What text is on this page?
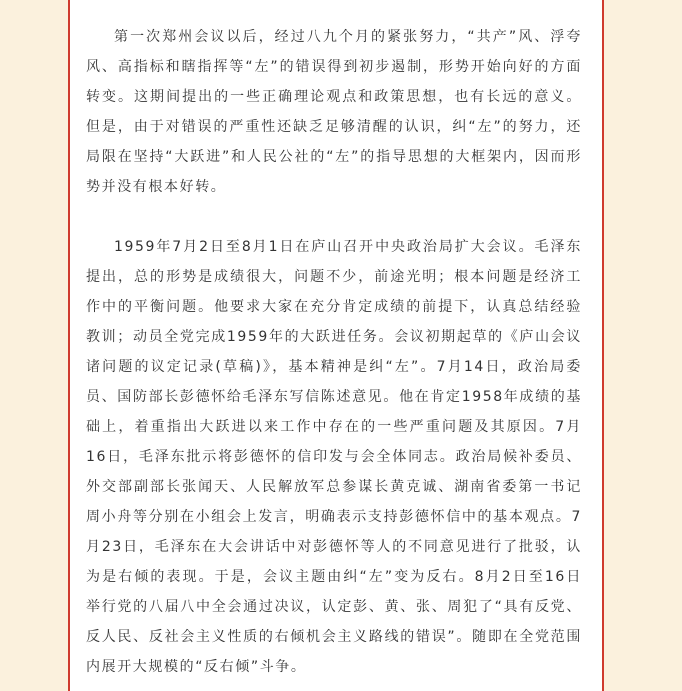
第一次郑州会议以后，经过八九个月的紧张努力，“共产”风、浮夸风、高指标和瞎指挥等“左”的错误得到初步遏制，形势开始向好的方面转变。这期间提出的一些正确理论观点和政策思想，也有长远的意义。但是，由于对错误的严重性还缺乏足够清醒的认识，纠“左”的努力，还局限在坚持“大跃进”和人民公社的“左”的指导思想的大框架内，因而形势并没有根本好转。

1959年7月2日至8月1日在庐山召开中央政治局扩大会议。毛泽东提出，总的形势是成绩很大，问题不少，前途光明；根本问题是经济工作中的平衡问题。他要求大家在充分肯定成绩的前提下，认真总结经验教训；动员全党完成1959年的大跃进任务。会议初期起草的《庐山会议诸问题的议定记录(草稿)》，基本精神是纠“左”。7月14日，政治局委员、国防部长彭德怀给毛泽东写信陈述意见。他在肯定1958年成绩的基础上，着重指出大跃进以来工作中存在的一些严重问题及其原因。7月16日，毛泽东批示将彭德怀的信印发与会全体同志。政治局候补委员、外交部副部长张闻天、人民解放军总参谋长黄克诚、湖南省委第一书记周小舟等分别在小组会上发言，明确表示支持彭德怀信中的基本观点。7月23日，毛泽东在大会讲话中对彭德怀等人的不同意见进行了批驳，认为是右倾的表现。于是，会议主题由纠“左”变为反右。8月2日至16日举行党的八届八中全会通过决议，认定彭、黄、张、周犯了“具有反党、反人民、反社会主义性质的右倾机会主义路线的错误”。随即在全党范围内展开大规模的“反右倾”斗争。
